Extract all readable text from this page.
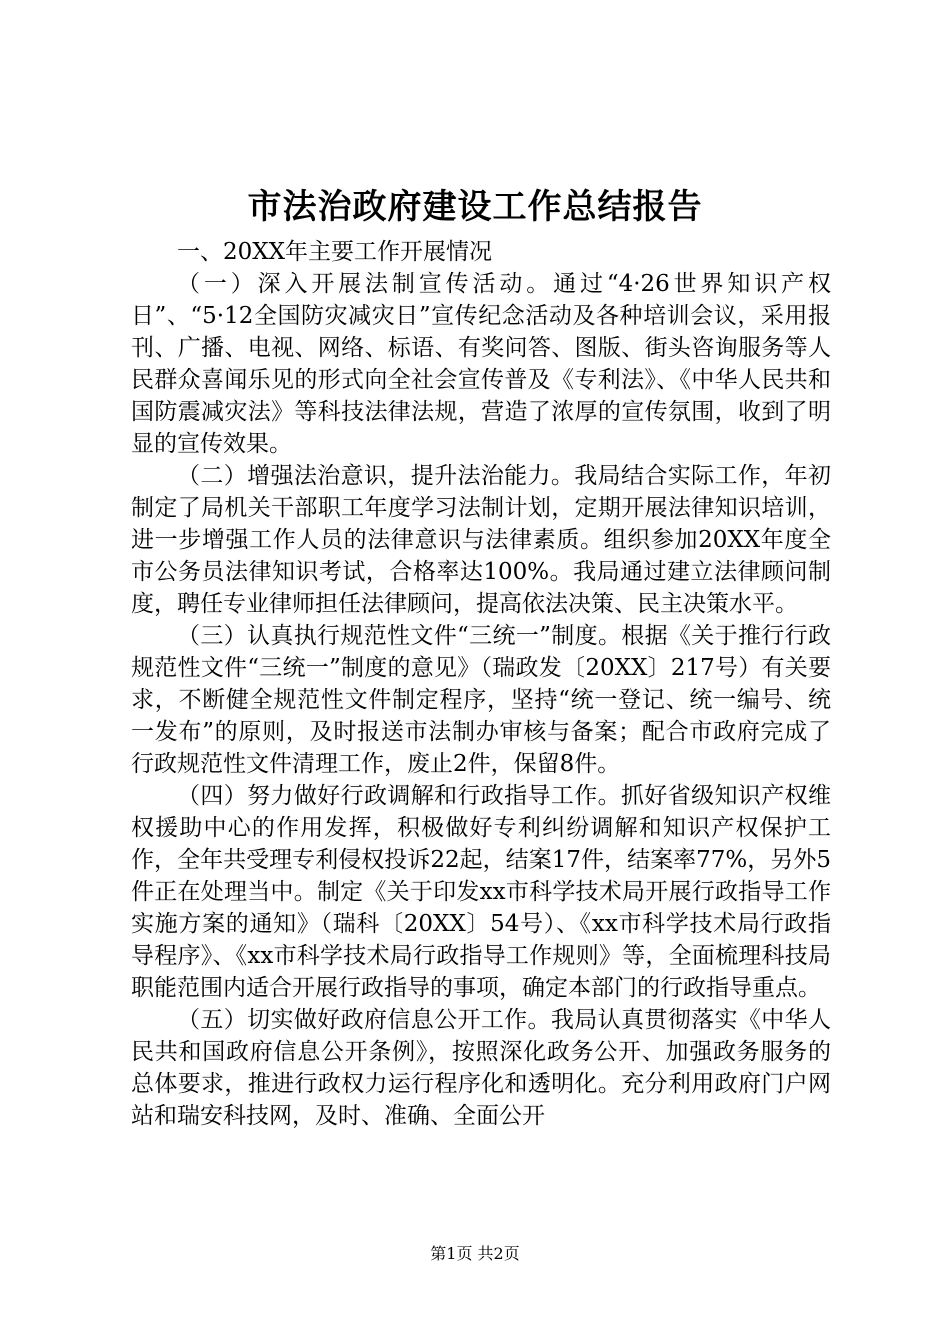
市法治政府建设工作总结报告

一、20XX年主要工作开展情况

（一）深入开展法制宣传活动。通过“4·26世界知识产权日”、“5·12全国防灾减灾日”宣传纪念活动及各种培训会议，采用报刊、广播、电视、网络、标语、有奖问答、图版、街头咨询服务等人民群众喜闻乐见的形式向全社会宣传普及《专利法》、《中华人民共和国防震减灾法》等科技法律法规，营造了浓厚的宣传氛围，收到了明显的宣传效果。

（二）增强法治意识，提升法治能力。我局结合实际工作，年初制定了局机关干部职工年度学习法制计划，定期开展法律知识培训，进一步增强工作人员的法律意识与法律素质。组织参加20XX年度全市公务员法律知识考试，合格率达100%。我局通过建立法律顾问制度，聘任专业律师担任法律顾问，提高依法决策、民主决策水平。

（三）认真执行规范性文件“三统一”制度。根据《关于推行行政规范性文件“三统一”制度的意见》（瑞政发〔20XX〕217号）有关要求，不断健全规范性文件制定程序，坚持“统一登记、统一编号、统一发布”的原则，及时报送市法制办审核与备案；配合市政府完成了行政规范性文件清理工作，废止2件，保留8件。

（四）努力做好行政调解和行政指导工作。抓好省级知识产权维权援助中心的作用发挥，积极做好专利纠纷调解和知识产权保护工作，全年共受理专利侵权投诉22起，结案17件，结案率77%，另外5件正在处理当中。制定《关于印发xx市科学技术局开展行政指导工作实施方案的通知》（瑞科〔20XX〕54号）、《xx市科学技术局行政指导程序》、《xx市科学技术局行政指导工作规则》等，全面梳理科技局职能范围内适合开展行政指导的事项，确定本部门的行政指导重点。

（五）切实做好政府信息公开工作。我局认真贯彻落实《中华人民共和国政府信息公开条例》，按照深化政务公开、加强政务服务的总体要求，推进行政权力运行程序化和透明化。充分利用政府门户网站和瑞安科技网，及时、准确、全面公开

第1页 共2页
